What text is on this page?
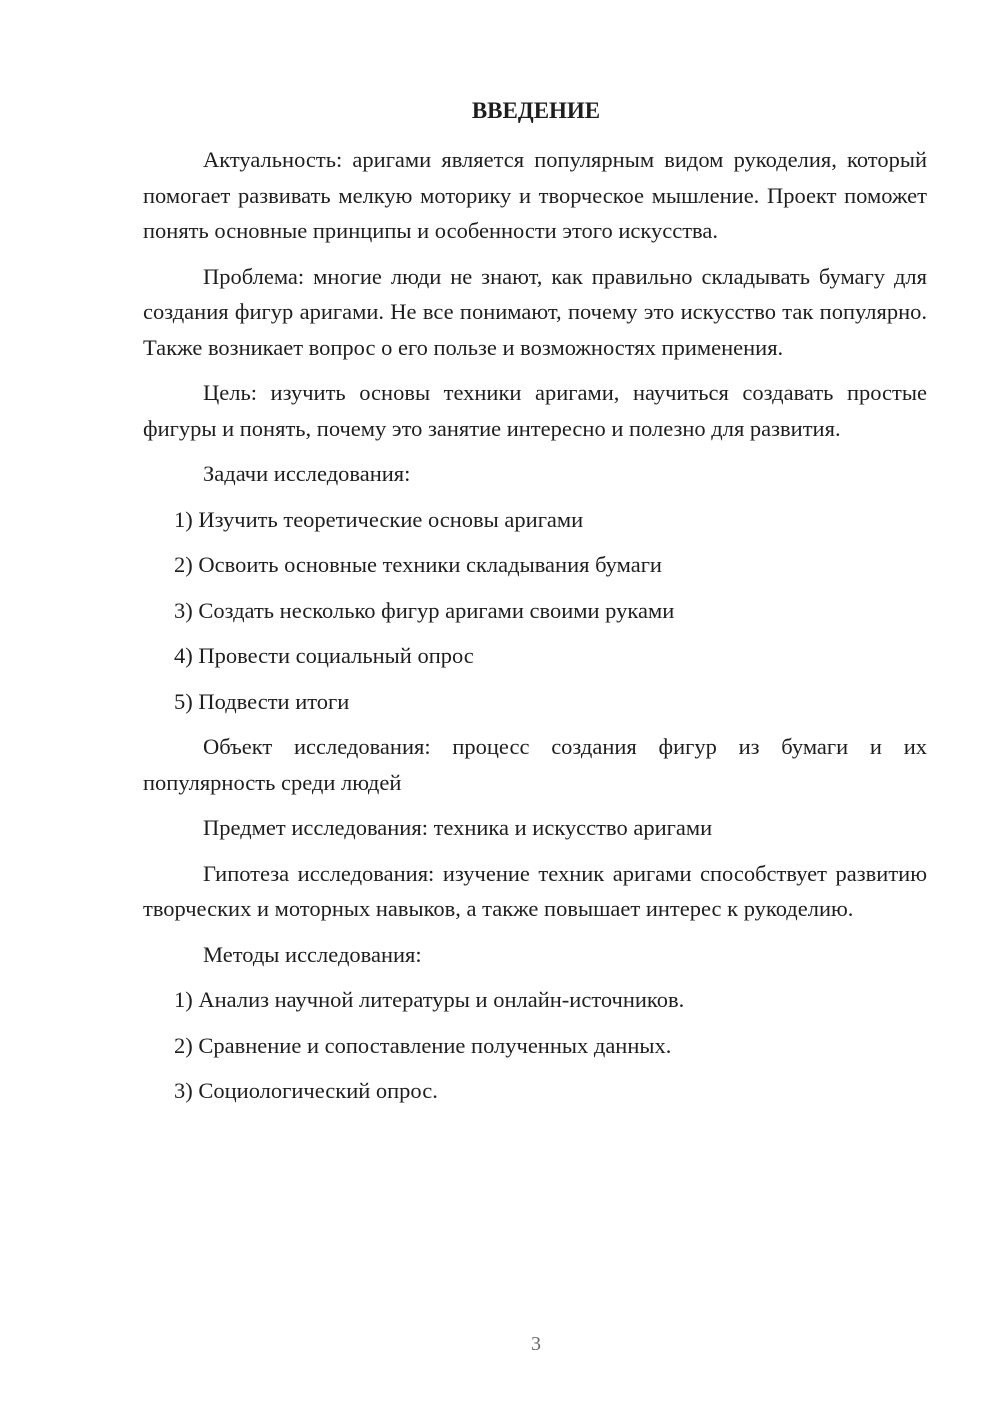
ВВЕДЕНИЕ

Актуальность: аригами является популярным видом рукоделия, который помогает развивать мелкую моторику и творческое мышление. Проект поможет понять основные принципы и особенности этого искусства.

Проблема: многие люди не знают, как правильно складывать бумагу для создания фигур аригами. Не все понимают, почему это искусство так популярно. Также возникает вопрос о его пользе и возможностях применения.

Цель: изучить основы техники аригами, научиться создавать простые фигуры и понять, почему это занятие интересно и полезно для развития.

Задачи исследования:

1) Изучить теоретические основы аригами

2) Освоить основные техники складывания бумаги

3) Создать несколько фигур аригами своими руками

4) Провести социальный опрос

5) Подвести итоги

Объект исследования: процесс создания фигур из бумаги и их популярность среди людей

Предмет исследования: техника и искусство аригами

Гипотеза исследования: изучение техник аригами способствует развитию творческих и моторных навыков, а также повышает интерес к рукоделию.

Методы исследования:

1) Анализ научной литературы и онлайн-источников.

2) Сравнение и сопоставление полученных данных.

3) Социологический опрос.

3
